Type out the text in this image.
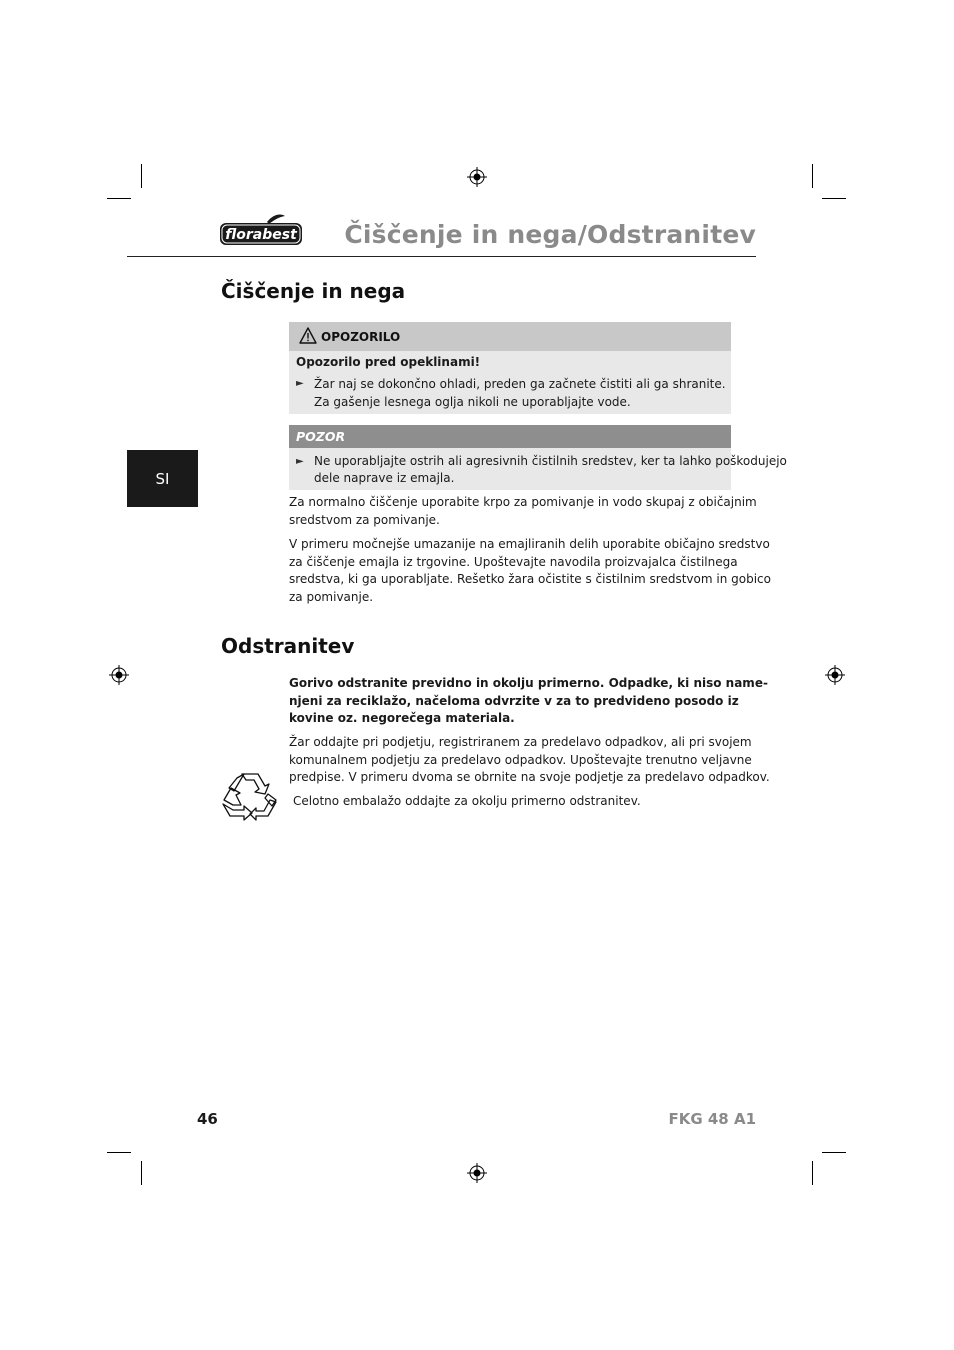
florabest	Čiščenje in nega/Odstranitev
SI
Čiščenje in nega
OPOZORILO
Opozorilo pred opeklinami!
► Žar naj se dokončno ohladi, preden ga začnete čistiti ali ga shranite.
Za gašenje lesnega oglja nikoli ne uporabljajte vode.
POZOR
► Ne uporabljajte ostrih ali agresivnih čistilnih sredstev, ker ta lahko poškodujejo
dele naprave iz emajla.
Za normalno čiščenje uporabite krpo za pomivanje in vodo skupaj z običajnim
sredstvom za pomivanje.
V primeru močnejše umazanije na emajliranih delih uporabite običajno sredstvo
za čiščenje emajla iz trgovine. Upoštevajte navodila proizvajalca čistilnega
sredstva, ki ga uporabljate. Rešetko žara očistite s čistilnim sredstvom in gobico
za pomivanje.
Odstranitev
Gorivo odstranite previdno in okolju primerno. Odpadke, ki niso name-
njeni za reciklažo, načeloma odvrzite v za to predvideno posodo iz
kovine oz. negorečega materiala.
Žar oddajte pri podjetju, registriranem za predelavo odpadkov, ali pri svojem
komunalnem podjetju za predelavo odpadkov. Upoštevajte trenutno veljavne
predpise. V primeru dvoma se obrnite na svoje podjetje za predelavo odpadkov.
Celotno embalažo oddajte za okolju primerno odstranitev.
46	FKG 48 A1
